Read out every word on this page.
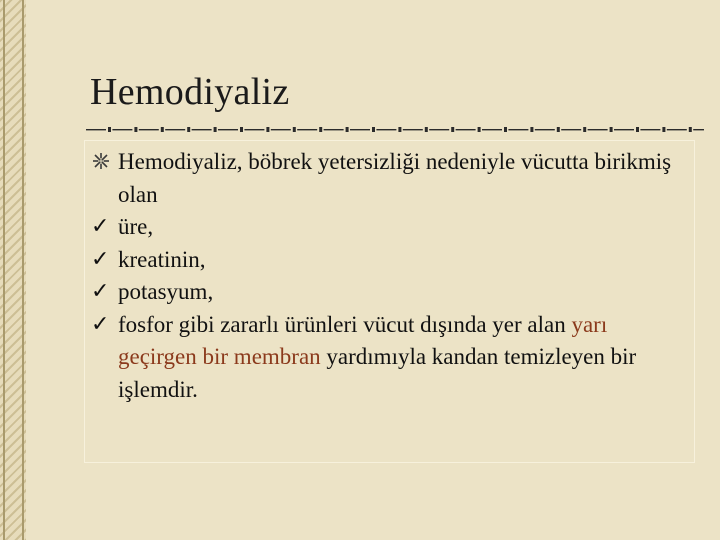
Hemodiyaliz
Hemodiyaliz, böbrek yetersizliği nedeniyle vücutta birikmiş olan
✓ üre,
✓ kreatinin,
✓ potasyum,
✓ fosfor gibi zararlı ürünleri vücut dışında yer alan yarı geçirgen bir membran yardımıyla kandan temizleyen bir işlemdir.
